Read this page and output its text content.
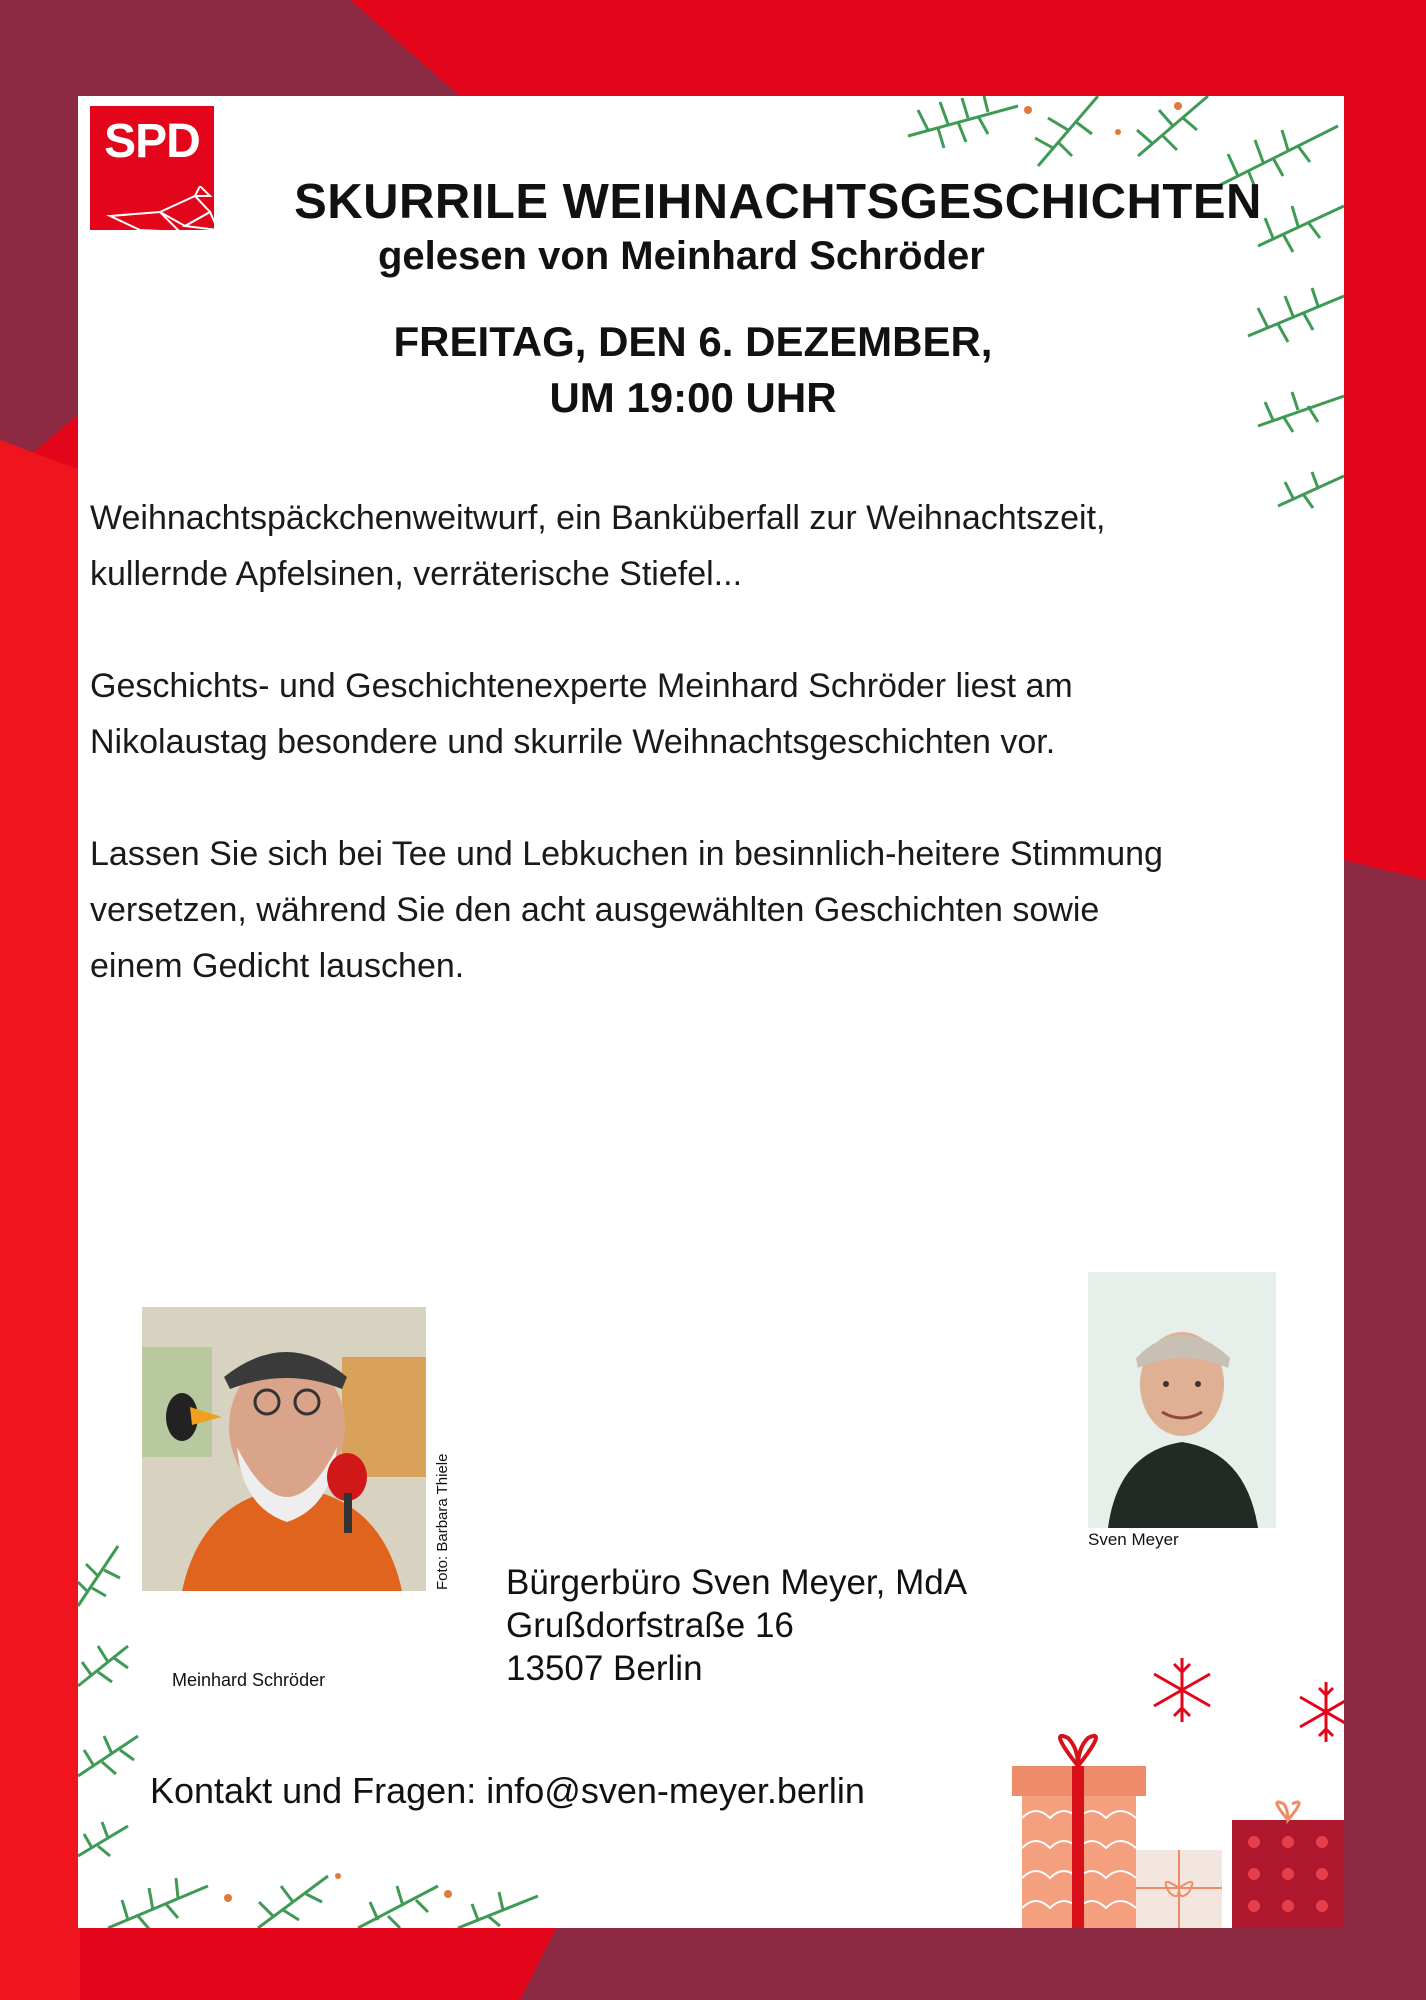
SPD
SKURRILE WEIHNACHTSGESCHICHTEN
gelesen von Meinhard Schröder
FREITAG, DEN 6. DEZEMBER,
UM 19:00 UHR
Weihnachtspäckchenweitwurf, ein Banküberfall zur Weihnachtszeit,
kullernde Apfelsinen, verräterische Stiefel...
Geschichts- und Geschichtenexperte Meinhard Schröder liest am
Nikolaustag besondere und skurrile Weihnachtsgeschichten vor.
Lassen Sie sich bei Tee und Lebkuchen in besinnlich-heitere Stimmung
versetzen, während Sie den acht ausgewählten Geschichten sowie
einem Gedicht lauschen.
Foto: Barbara Thiele
Meinhard Schröder
Sven Meyer
Bürgerbüro Sven Meyer, MdA
Grußdorfstraße 16
13507 Berlin
Kontakt und Fragen: info@sven-meyer.berlin
